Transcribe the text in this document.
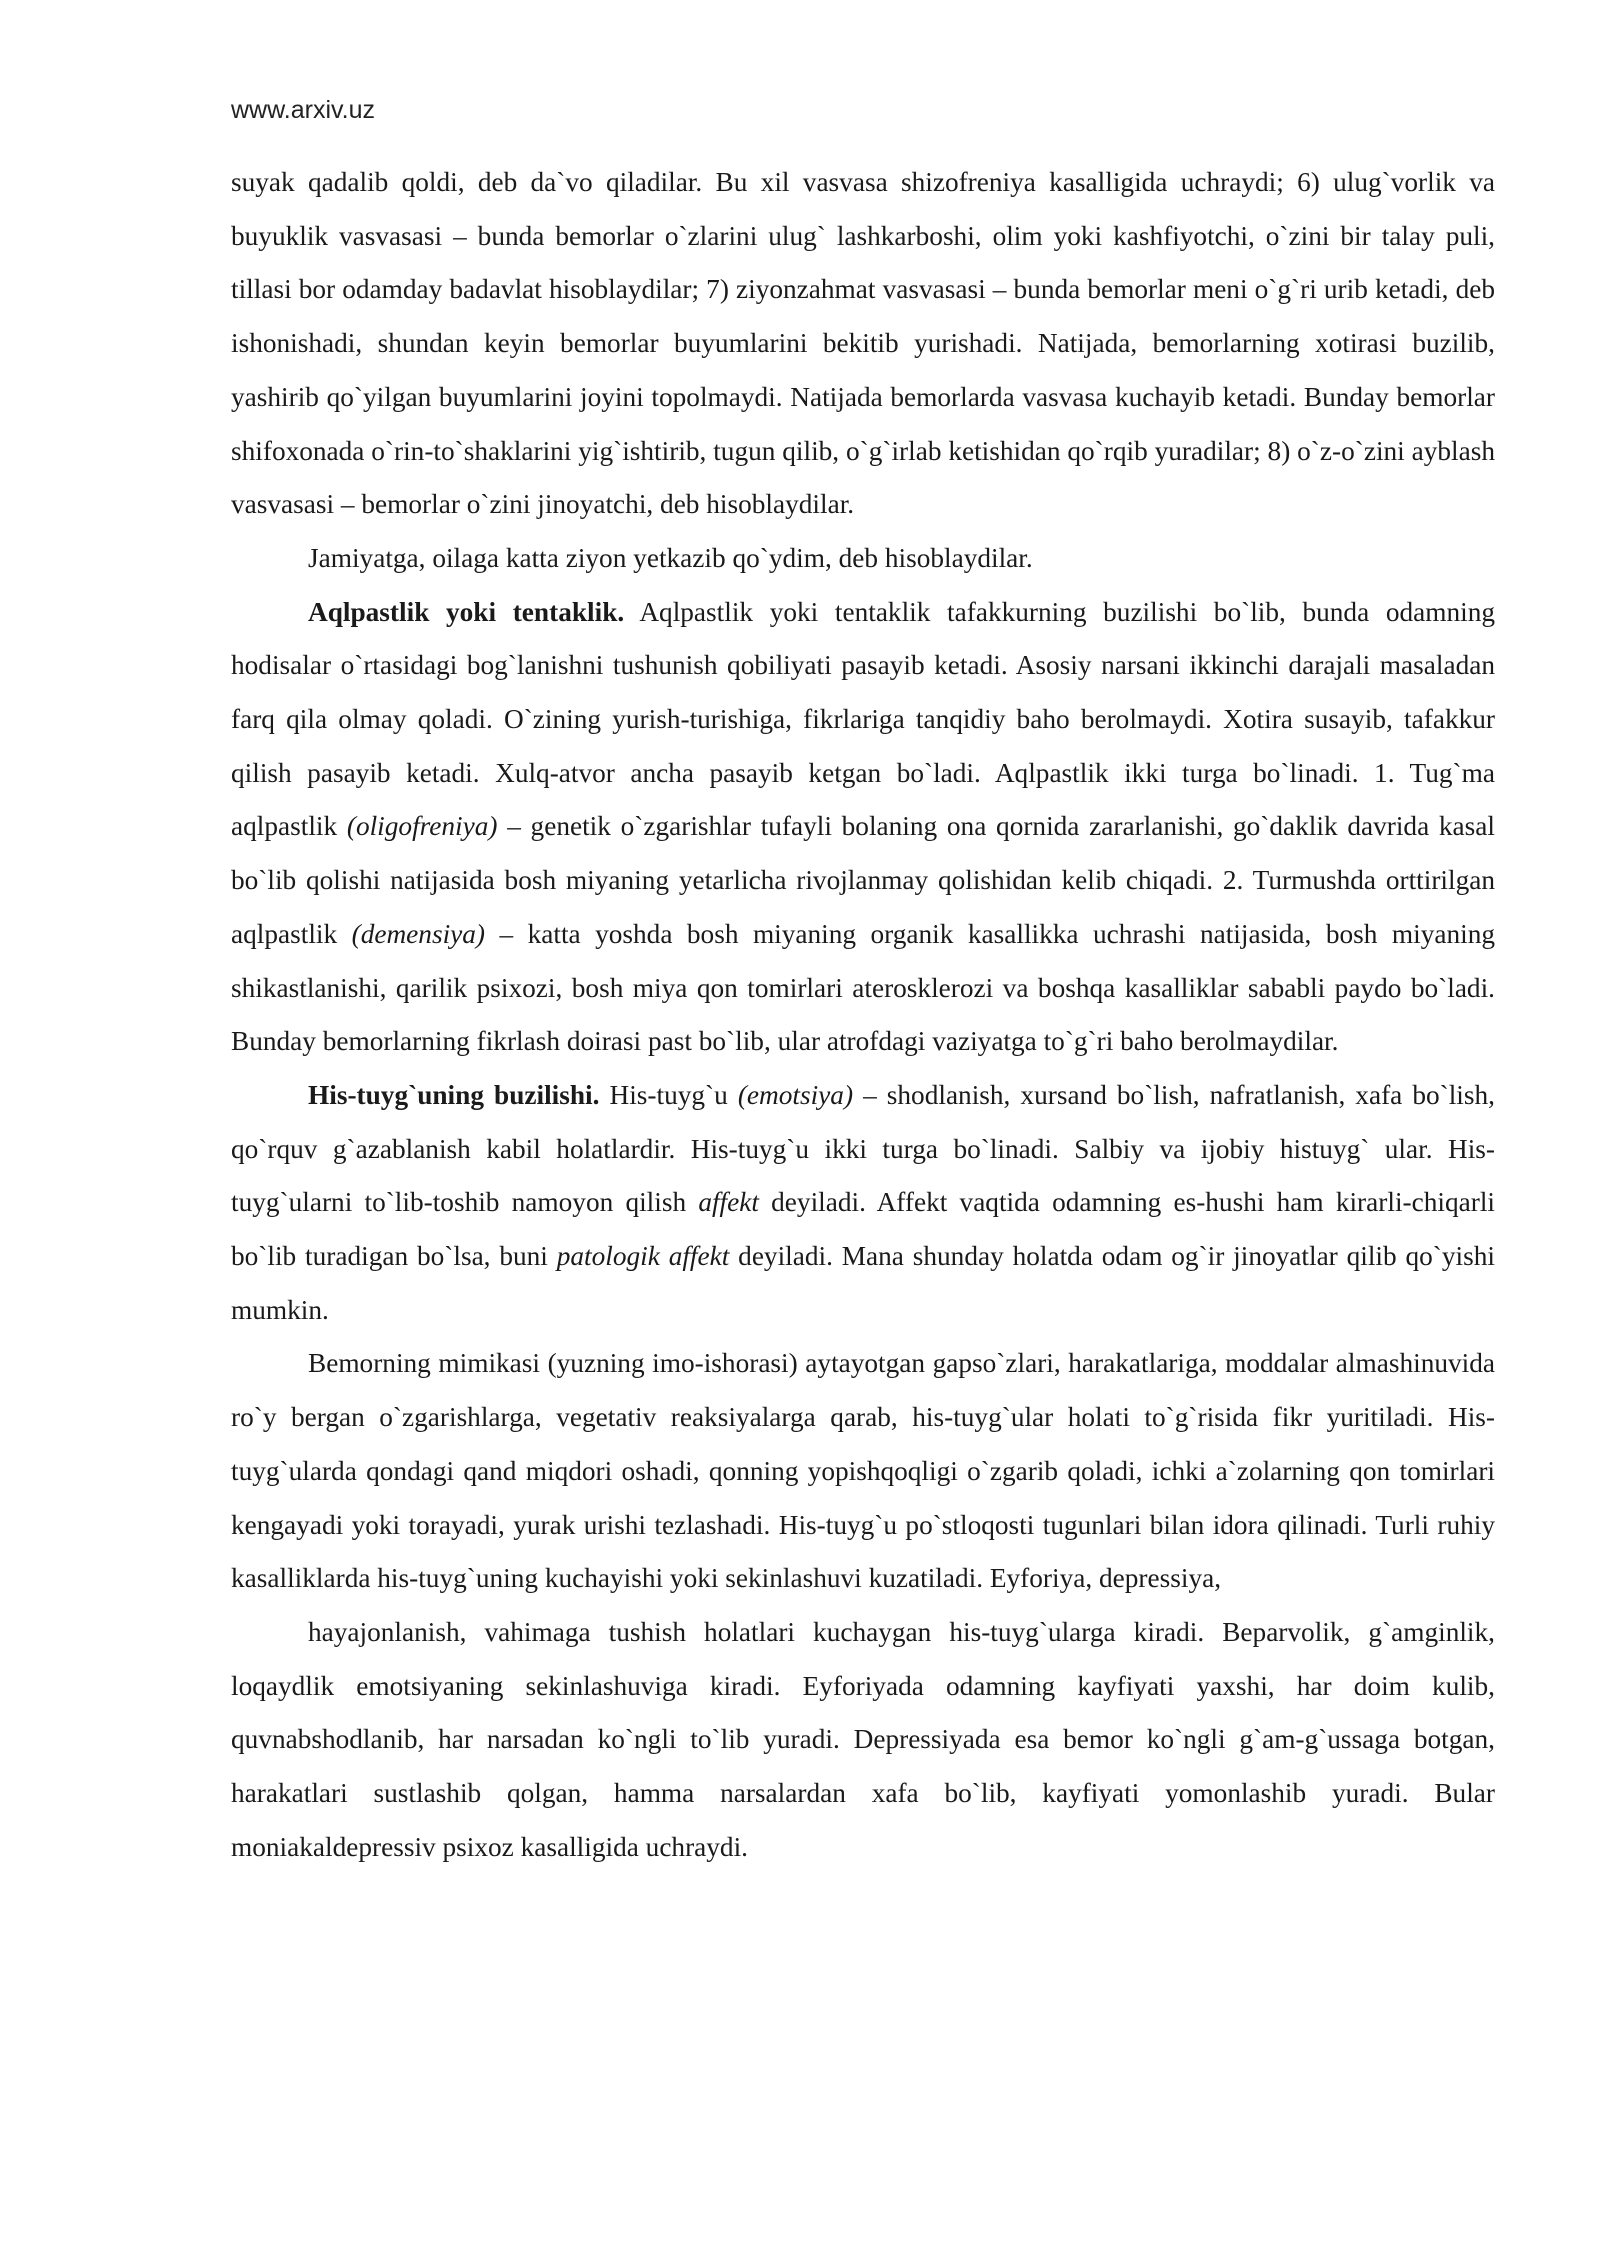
www.arxiv.uz

suyak qadalib qoldi, deb da`vo qiladilar. Bu xil vasvasa shizofreniya kasalligida uchraydi; 6) ulug`vorlik va buyuklik vasvasasi – bunda bemorlar o`zlarini ulug` lashkarboshi, olim yoki kashfiyotchi, o`zini bir talay puli, tillasi bor odamday badavlat hisoblaydilar; 7) ziyonzahmat vasvasasi – bunda bemorlar meni o`g`ri urib ketadi, deb ishonishadi, shundan keyin bemorlar buyumlarini bekitib yurishadi. Natijada, bemorlarning xotirasi buzilib, yashirib qo`yilgan buyumlarini joyini topolmaydi. Natijada bemorlarda vasvasa kuchayib ketadi. Bunday bemorlar shifoxonada o`rin-to`shaklarini yig`ishtirib, tugun qilib, o`g`irlab ketishidan qo`rqib yuradilar; 8) o`z-o`zini ayblash vasvasasi – bemorlar o`zini jinoyatchi, deb hisoblaydilar.

Jamiyatga, oilaga katta ziyon yetkazib qo`ydim, deb hisoblaydilar.

Aqlpastlik yoki tentaklik. Aqlpastlik yoki tentaklik tafakkurning buzilishi bo`lib, bunda odamning hodisalar o`rtasidagi bog`lanishni tushunish qobiliyati pasayib ketadi. Asosiy narsani ikkinchi darajali masaladan farq qila olmay qoladi. O`zining yurish-turishiga, fikrlariga tanqidiy baho berolmaydi. Xotira susayib, tafakkur qilish pasayib ketadi. Xulq-atvor ancha pasayib ketgan bo`ladi. Aqlpastlik ikki turga bo`linadi. 1. Tug`ma aqlpastlik (oligofreniya) – genetik o`zgarishlar tufayli bolaning ona qornida zararlanishi, go`daklik davrida kasal bo`lib qolishi natijasida bosh miyaning yetarlicha rivojlanmay qolishidan kelib chiqadi. 2. Turmushda orttirilgan aqlpastlik (demensiya) – katta yoshda bosh miyaning organik kasallikka uchrashi natijasida, bosh miyaning shikastlanishi, qarilik psixozi, bosh miya qon tomirlari aterosklerozi va boshqa kasalliklar sababli paydo bo`ladi. Bunday bemorlarning fikrlash doirasi past bo`lib, ular atrofdagi vaziyatga to`g`ri baho berolmaydilar.

His-tuyg`uning buzilishi. His-tuyg`u (emotsiya) – shodlanish, xursand bo`lish, nafratlanish, xafa bo`lish, qo`rquv g`azablanish kabil holatlardir. His-tuyg`u ikki turga bo`linadi. Salbiy va ijobiy histuyg` ular. His-tuyg`ularni to`lib-toshib namoyon qilish affekt deyiladi. Affekt vaqtida odamning es-hushi ham kirarli-chiqarli bo`lib turadigan bo`lsa, buni patologik affekt deyiladi. Mana shunday holatda odam og`ir jinoyatlar qilib qo`yishi mumkin.

Bemorning mimikasi (yuzning imo-ishorasi) aytayotgan gapso`zlari, harakatlariga, moddalar almashinuvida ro`y bergan o`zgarishlarga, vegetativ reaksiyalarga qarab, his-tuyg`ular holati to`g`risida fikr yuritiladi. His-tuyg`ularda qondagi qand miqdori oshadi, qonning yopishqoqligi o`zgarib qoladi, ichki a`zolarning qon tomirlari kengayadi yoki torayadi, yurak urishi tezlashadi. His-tuyg`u po`stloqosti tugunlari bilan idora qilinadi. Turli ruhiy kasalliklarda his-tuyg`uning kuchayishi yoki sekinlashuvi kuzatiladi. Eyforiya, depressiya,

hayajonlanish, vahimaga tushish holatlari kuchaygan his-tuyg`ularga kiradi. Beparvolik, g`amginlik, loqaydlik emotsiyaning sekinlashuviga kiradi. Eyforiyada odamning kayfiyati yaxshi, har doim kulib, quvnabshodlanib, har narsadan ko`ngli to`lib yuradi. Depressiyada esa bemor ko`ngli g`am-g`ussaga botgan, harakatlari sustlashib qolgan, hamma narsalardan xafa bo`lib, kayfiyati yomonlashib yuradi. Bular moniakaldepressiv psixoz kasalligida uchraydi.
